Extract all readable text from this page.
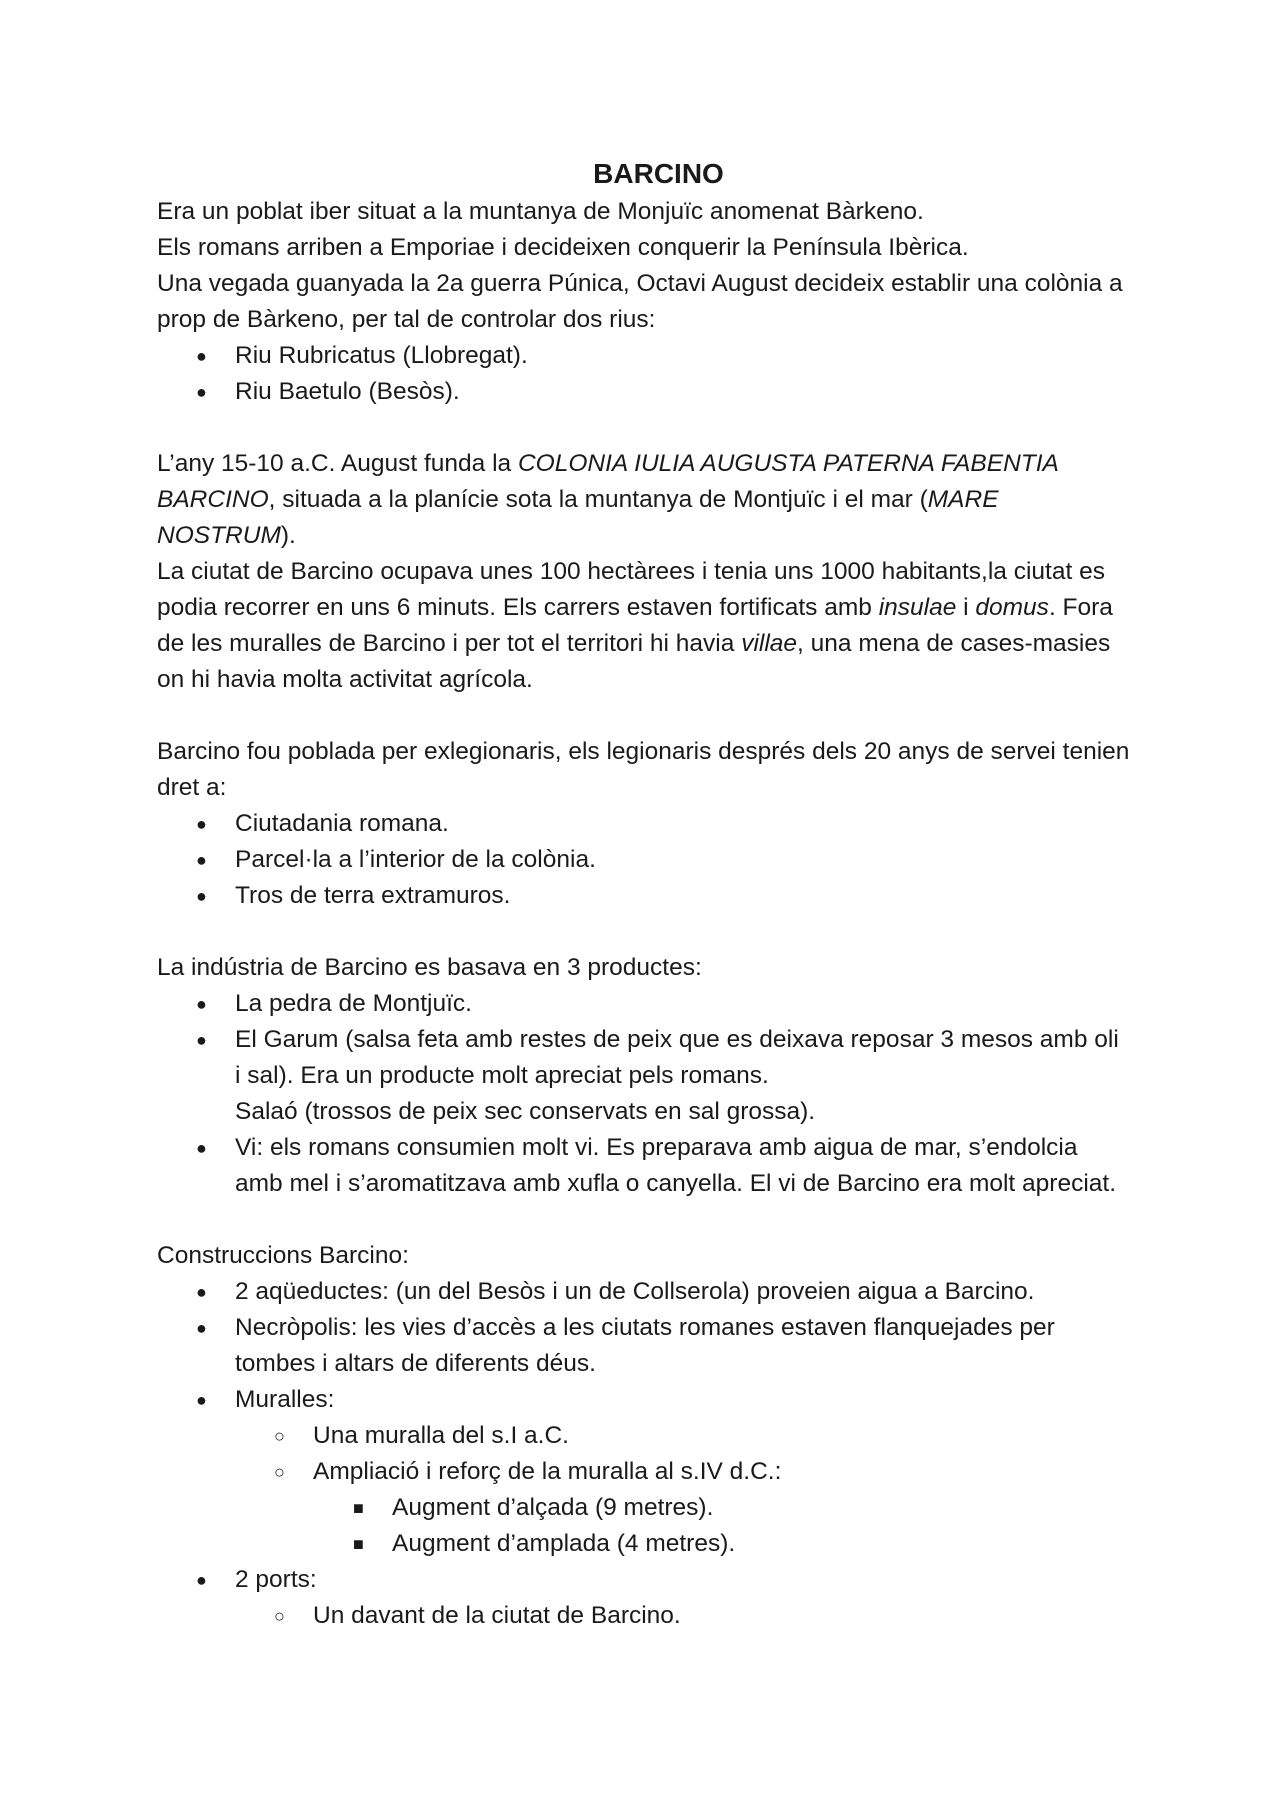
BARCINO

Era un poblat iber situat a la muntanya de Monjuïc anomenat Bàrkeno.

Els romans arriben a Emporiae i decideixen conquerir la Península Ibèrica.

Una vegada guanyada la 2a guerra Púnica, Octavi August decideix establir una colònia a prop de Bàrkeno, per tal de controlar dos rius:

● Riu Rubricatus (Llobregat).
● Riu Baetulo (Besòs).

L’any 15-10 a.C. August funda la COLONIA IULIA AUGUSTA PATERNA FABENTIA BARCINO, situada a la planície sota la muntanya de Montjuïc i el mar (MARE NOSTRUM).

La ciutat de Barcino ocupava unes 100 hectàrees i tenia uns 1000 habitants,la ciutat es podia recorrer en uns 6 minuts. Els carrers estaven fortificats amb insulae i domus. Fora de les muralles de Barcino i per tot el territori hi havia villae, una mena de cases-masies on hi havia molta activitat agrícola.

Barcino fou poblada per exlegionaris, els legionaris després dels 20 anys de servei tenien dret a:

● Ciutadania romana.
● Parcel·la a l’interior de la colònia.
● Tros de terra extramuros.

La indústria de Barcino es basava en 3 productes:

● La pedra de Montjuïc.
● El Garum (salsa feta amb restes de peix que es deixava reposar 3 mesos amb oli i sal). Era un producte molt apreciat pels romans.
Salaó (trossos de peix sec conservats en sal grossa).
● Vi: els romans consumien molt vi. Es preparava amb aigua de mar, s’endolcia amb mel i s’aromatitzava amb xufla o canyella. El vi de Barcino era molt apreciat.

Construccions Barcino:

● 2 aqüeductes: (un del Besòs i un de Collserola) proveien aigua a Barcino.
● Necròpolis: les vies d’accès a les ciutats romanes estaven flanquejades per tombes i altars de diferents déus.
● Muralles:
○ Una muralla del s.I a.C.
○ Ampliació i reforç de la muralla al s.IV d.C.:
■ Augment d’alçada (9 metres).
■ Augment d’amplada (4 metres).
● 2 ports:
○ Un davant de la ciutat de Barcino.
